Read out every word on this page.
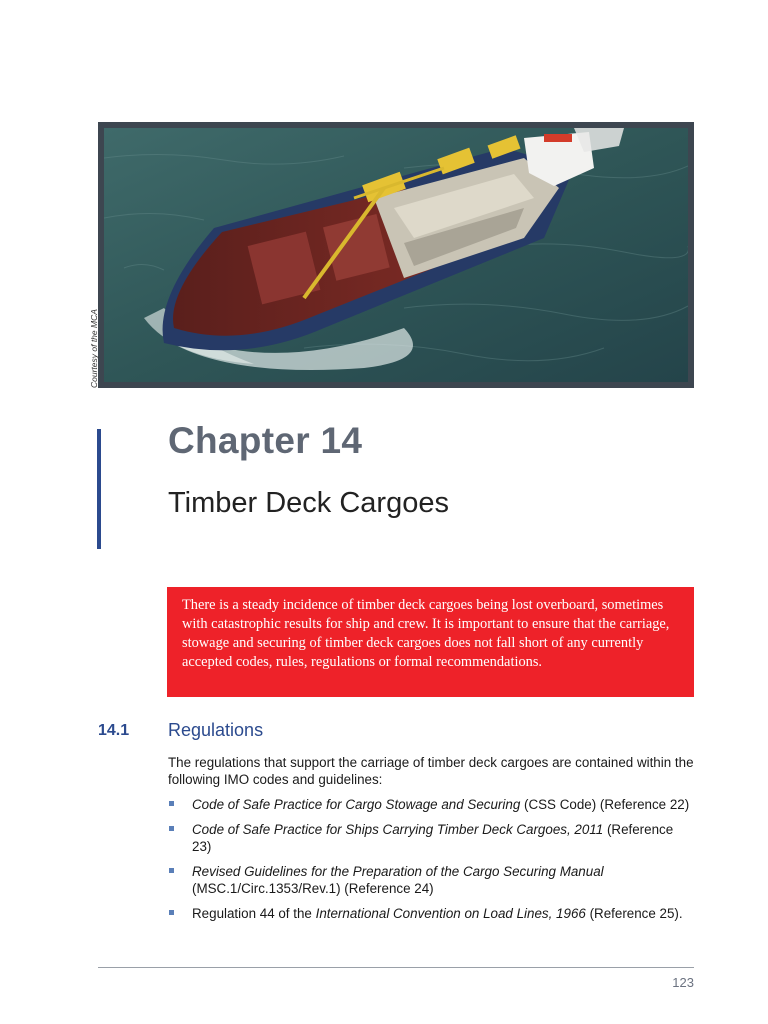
Courtesy of the MCA
Chapter 14
Timber Deck Cargoes
There is a steady incidence of timber deck cargoes being lost overboard, sometimes with catastrophic results for ship and crew. It is important to ensure that the carriage, stowage and securing of timber deck cargoes does not fall short of any currently accepted codes, rules, regulations or formal recommendations.
14.1 Regulations
The regulations that support the carriage of timber deck cargoes are contained within the following IMO codes and guidelines:
Code of Safe Practice for Cargo Stowage and Securing (CSS Code) (Reference 22)
Code of Safe Practice for Ships Carrying Timber Deck Cargoes, 2011 (Reference 23)
Revised Guidelines for the Preparation of the Cargo Securing Manual (MSC.1/Circ.1353/Rev.1) (Reference 24)
Regulation 44 of the International Convention on Load Lines, 1966 (Reference 25).
123
